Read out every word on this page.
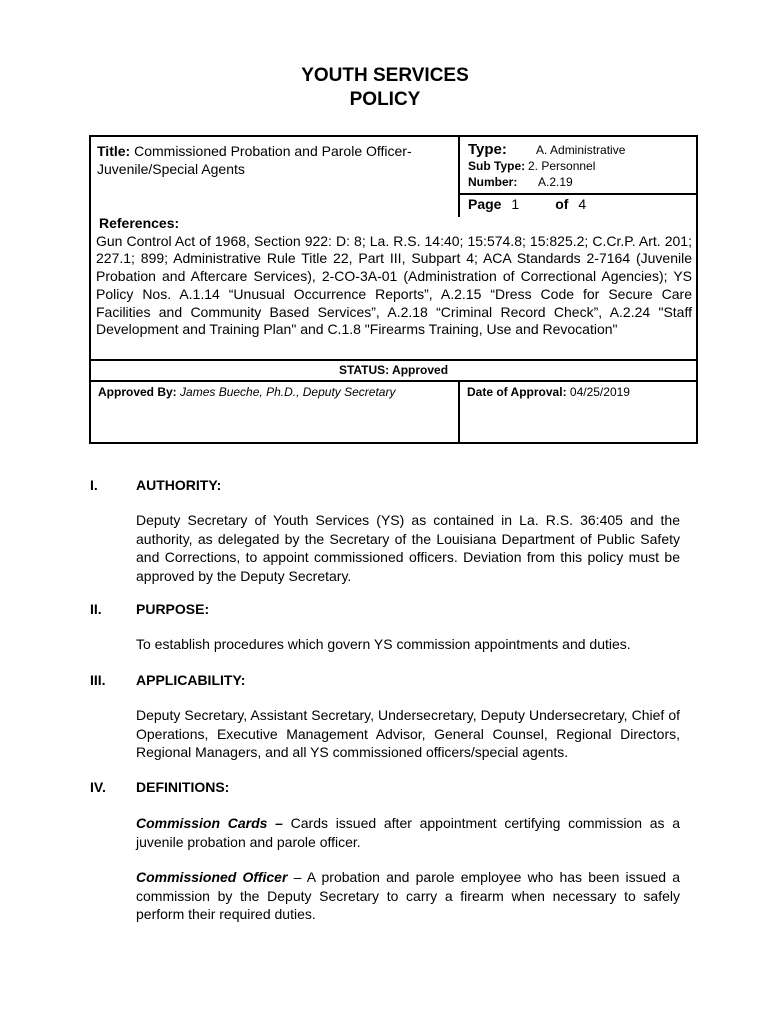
YOUTH SERVICES
POLICY
Title: Commissioned Probation and Parole Officer-Juvenile/Special Agents
Type:	A. Administrative
Sub Type: 2. Personnel
Number:	A.2.19
Page 1	of 4
References:
Gun Control Act of 1968, Section 922: D: 8; La. R.S. 14:40; 15:574.8; 15:825.2; C.Cr.P. Art. 201; 227.1; 899; Administrative Rule Title 22, Part III, Subpart 4; ACA Standards 2-7164 (Juvenile Probation and Aftercare Services), 2-CO-3A-01 (Administration of Correctional Agencies); YS Policy Nos. A.1.14 “Unusual Occurrence Reports”, A.2.15 “Dress Code for Secure Care Facilities and Community Based Services”, A.2.18 “Criminal Record Check”, A.2.24 "Staff Development and Training Plan" and C.1.8 "Firearms Training, Use and Revocation"
STATUS: Approved
Approved By: James Bueche, Ph.D., Deputy Secretary	Date of Approval: 04/25/2019
I.	AUTHORITY:
Deputy Secretary of Youth Services (YS) as contained in La. R.S. 36:405 and the authority, as delegated by the Secretary of the Louisiana Department of Public Safety and Corrections, to appoint commissioned officers. Deviation from this policy must be approved by the Deputy Secretary.
II. PURPOSE:
To establish procedures which govern YS commission appointments and duties.
III. APPLICABILITY:
Deputy Secretary, Assistant Secretary, Undersecretary, Deputy Undersecretary, Chief of Operations, Executive Management Advisor, General Counsel, Regional Directors, Regional Managers, and all YS commissioned officers/special agents.
IV. DEFINITIONS:
Commission Cards – Cards issued after appointment certifying commission as a juvenile probation and parole officer.
Commissioned Officer – A probation and parole employee who has been issued a commission by the Deputy Secretary to carry a firearm when necessary to safely perform their required duties.
